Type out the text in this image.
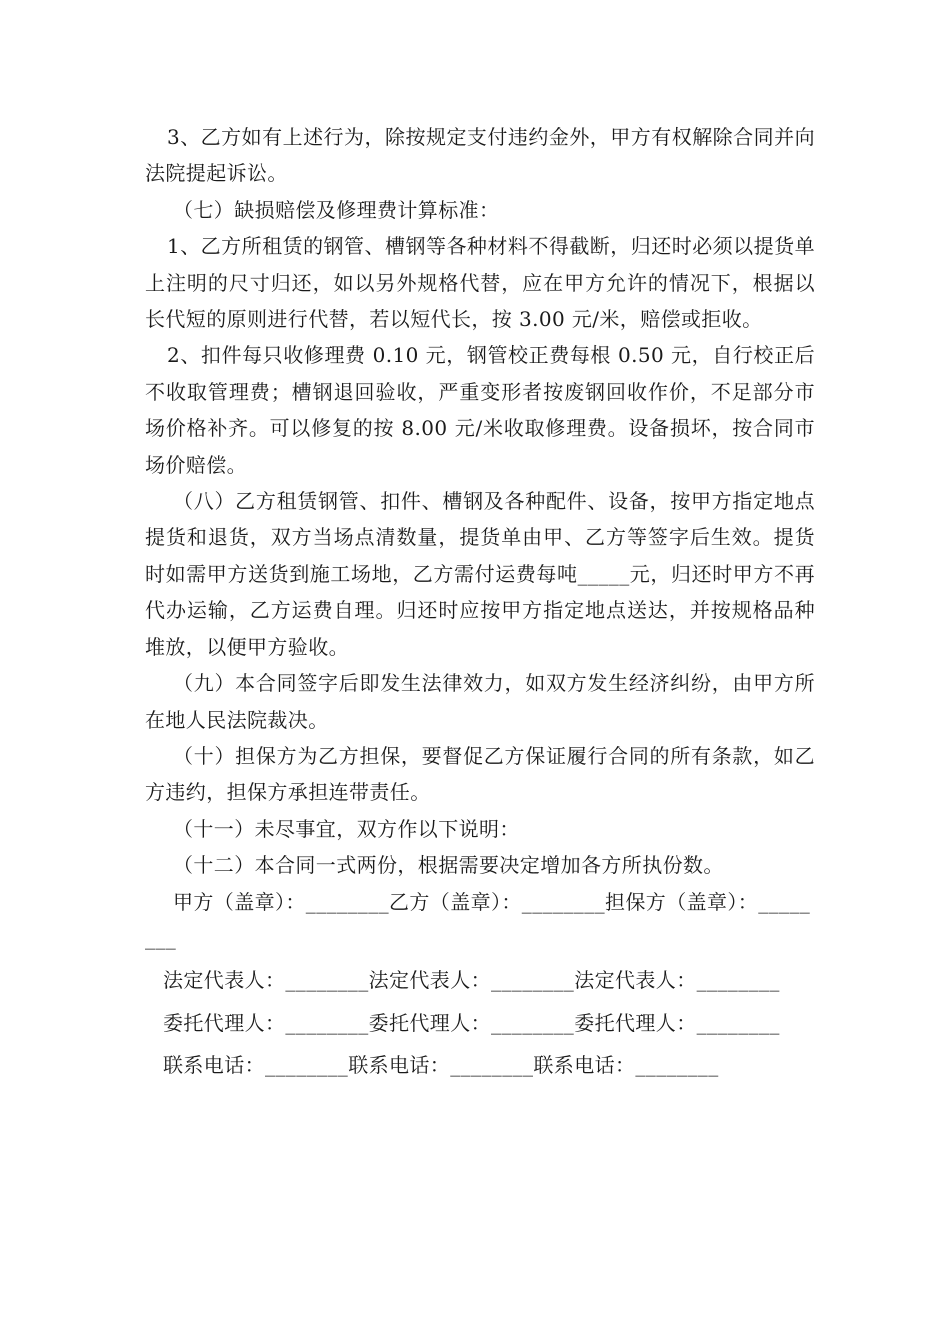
3、乙方如有上述行为，除按规定支付违约金外，甲方有权解除合同并向法院提起诉讼。

（七）缺损赔偿及修理费计算标准：

1、乙方所租赁的钢管、槽钢等各种材料不得截断，归还时必须以提货单上注明的尺寸归还，如以另外规格代替，应在甲方允许的情况下，根据以长代短的原则进行代替，若以短代长，按 3.00 元/米，赔偿或拒收。

2、扣件每只收修理费 0.10 元，钢管校正费每根 0.50 元，自行校正后不收取管理费；槽钢退回验收，严重变形者按废钢回收作价，不足部分市场价格补齐。可以修复的按 8.00 元/米收取修理费。设备损坏，按合同市场价赔偿。

（八）乙方租赁钢管、扣件、槽钢及各种配件、设备，按甲方指定地点提货和退货，双方当场点清数量，提货单由甲、乙方等签字后生效。提货时如需甲方送货到施工场地，乙方需付运费每吨_____元，归还时甲方不再代办运输，乙方运费自理。归还时应按甲方指定地点送达，并按规格品种堆放，以便甲方验收。

（九）本合同签字后即发生法律效力，如双方发生经济纠纷，由甲方所在地人民法院裁决。

（十）担保方为乙方担保，要督促乙方保证履行合同的所有条款，如乙方违约，担保方承担连带责任。

（十一）未尽事宜，双方作以下说明：

（十二）本合同一式两份，根据需要决定增加各方所执份数。

甲方（盖章）：________乙方（盖章）：________担保方（盖章）：________

法定代表人：________法定代表人：________法定代表人：________

委托代理人：________委托代理人：________委托代理人：________

联系电话：________联系电话：________联系电话：________
